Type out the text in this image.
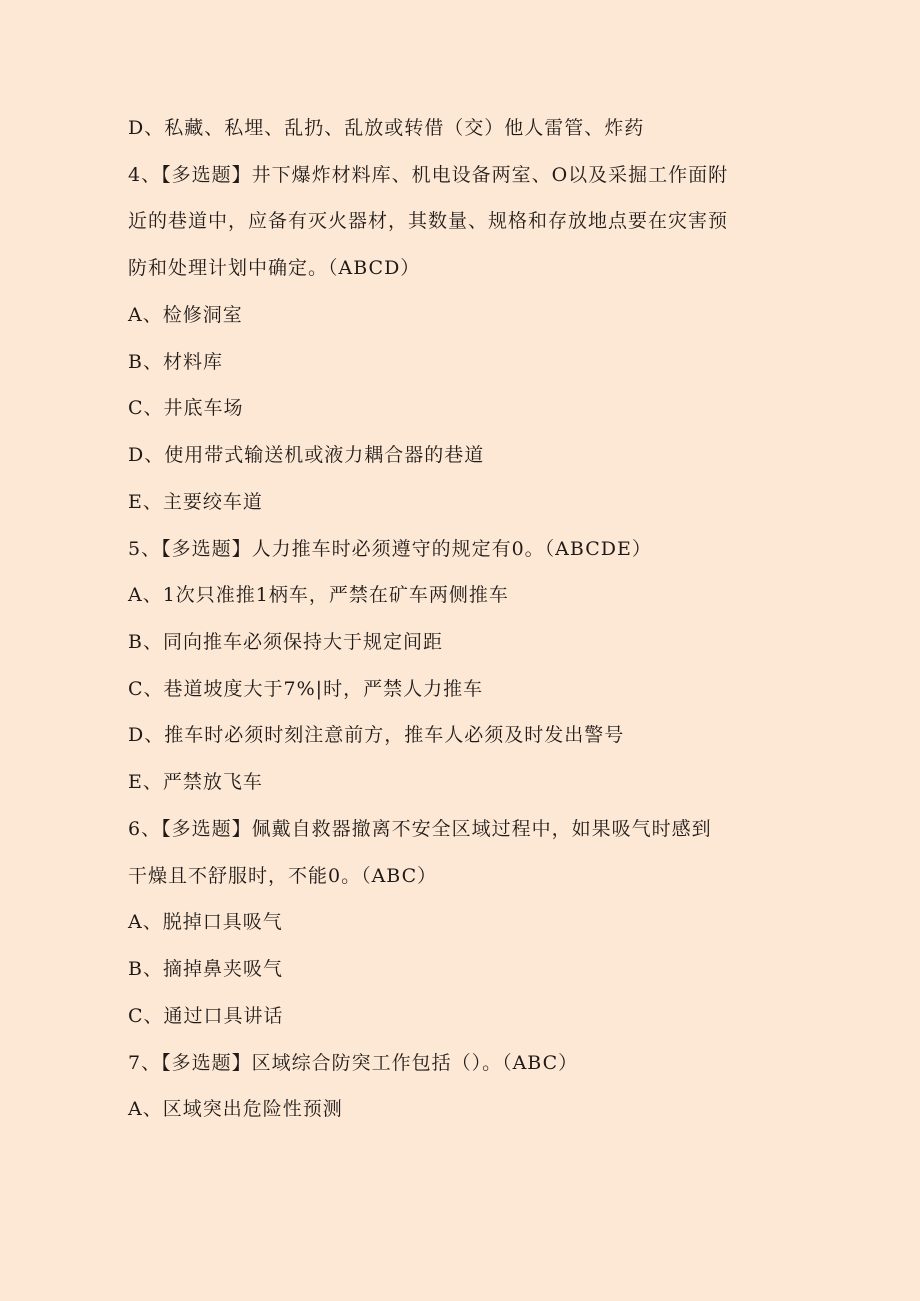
D、私藏、私埋、乱扔、乱放或转借（交）他人雷管、炸药
4、【多选题】井下爆炸材料库、机电设备两室、O以及采掘工作面附
近的巷道中，应备有灭火器材，其数量、规格和存放地点要在灾害预
防和处理计划中确定。（ABCD）
A、检修洞室
B、材料库
C、井底车场
D、使用带式输送机或液力耦合器的巷道
E、主要绞车道
5、【多选题】人力推车时必须遵守的规定有0。（ABCDE）
A、1次只准推1柄车，严禁在矿车两侧推车
B、同向推车必须保持大于规定间距
C、巷道坡度大于7%|时，严禁人力推车
D、推车时必须时刻注意前方，推车人必须及时发出警号
E、严禁放飞车
6、【多选题】佩戴自救器撤离不安全区域过程中，如果吸气时感到
干燥且不舒服时，不能0。（ABC）
A、脱掉口具吸气
B、摘掉鼻夹吸气
C、通过口具讲话
7、【多选题】区域综合防突工作包括（）。（ABC）
A、区域突出危险性预测
